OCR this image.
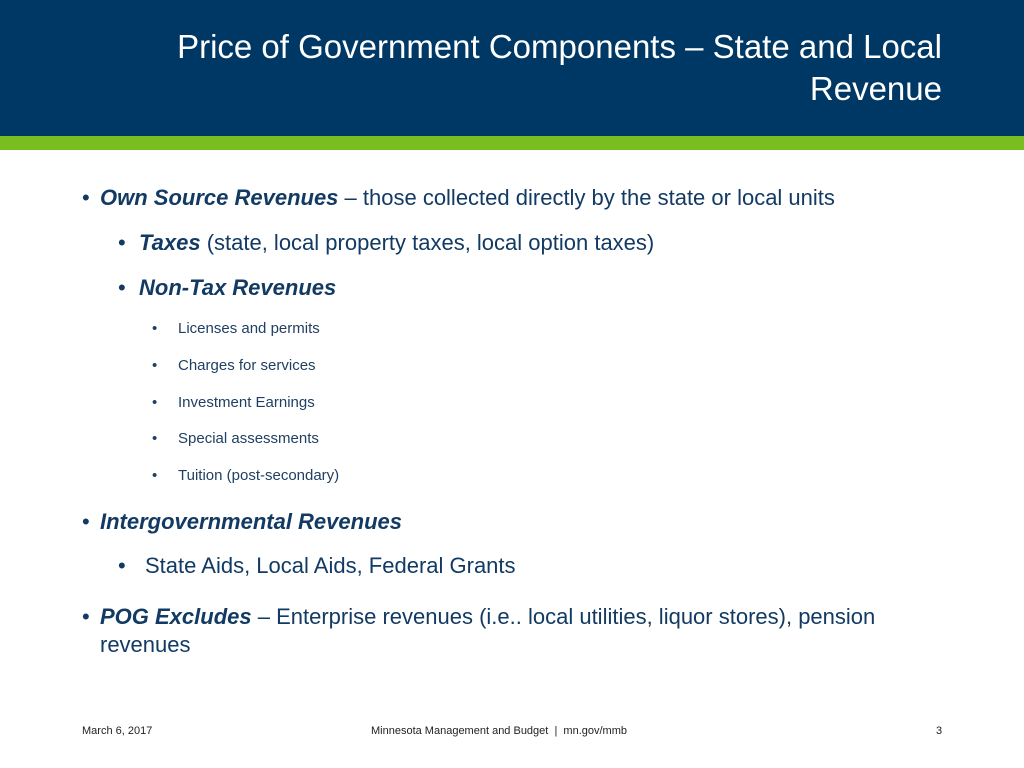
Price of Government Components – State and Local
Revenue
• Own Source Revenues – those collected directly by the state or local units
• Taxes (state, local property taxes, local option taxes)
• Non-Tax Revenues
• Licenses and permits
• Charges for services
• Investment Earnings
• Special assessments
• Tuition (post-secondary)
• Intergovernmental Revenues
• State Aids, Local Aids, Federal Grants
• POG Excludes – Enterprise revenues (i.e.. local utilities, liquor stores), pension
revenues
March 6, 2017	Minnesota Management and Budget  |  mn.gov/mmb	3
